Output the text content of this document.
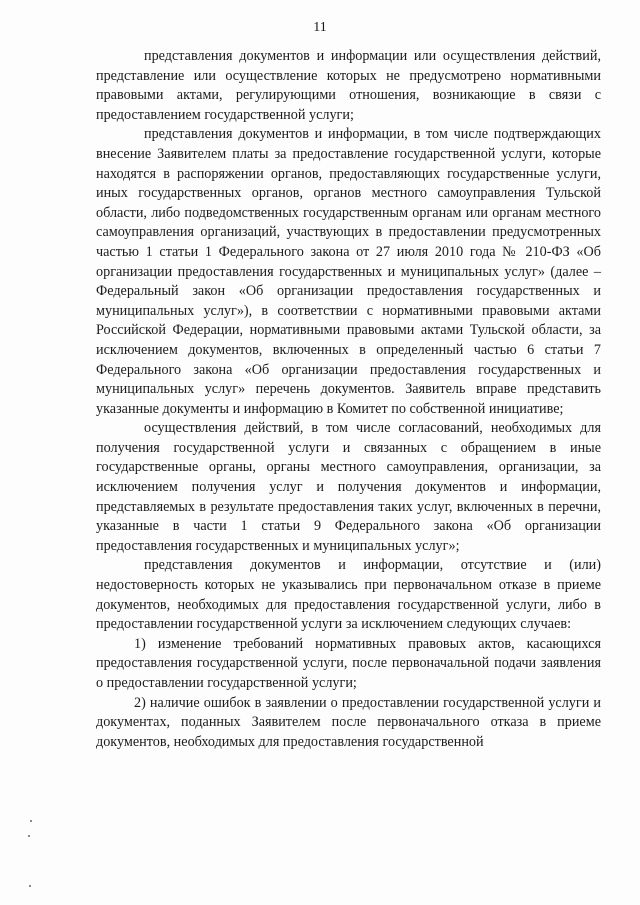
11

представления документов и информации или осуществления действий, представление или осуществление которых не предусмотрено нормативными правовыми актами, регулирующими отношения, возникающие в связи с предоставлением государственной услуги;

представления документов и информации, в том числе подтверждающих внесение Заявителем платы за предоставление государственной услуги, которые находятся в распоряжении органов, предоставляющих государственные услуги, иных государственных органов, органов местного самоуправления Тульской области, либо подведомственных государственным органам или органам местного самоуправления организаций, участвующих в предоставлении предусмотренных частью 1 статьи 1 Федерального закона от 27 июля 2010 года № 210-ФЗ «Об организации предоставления государственных и муниципальных услуг» (далее – Федеральный закон «Об организации предоставления государственных и муниципальных услуг»), в соответствии с нормативными правовыми актами Российской Федерации, нормативными правовыми актами Тульской области, за исключением документов, включенных в определенный частью 6 статьи 7 Федерального закона «Об организации предоставления государственных и муниципальных услуг» перечень документов. Заявитель вправе представить указанные документы и информацию в Комитет по собственной инициативе;

осуществления действий, в том числе согласований, необходимых для получения государственной услуги и связанных с обращением в иные государственные органы, органы местного самоуправления, организации, за исключением получения услуг и получения документов и информации, представляемых в результате предоставления таких услуг, включенных в перечни, указанные в части 1 статьи 9 Федерального закона «Об организации предоставления государственных и муниципальных услуг»;

представления документов и информации, отсутствие и (или) недостоверность которых не указывались при первоначальном отказе в приеме документов, необходимых для предоставления государственной услуги, либо в предоставлении государственной услуги за исключением следующих случаев:

1) изменение требований нормативных правовых актов, касающихся предоставления государственной услуги, после первоначальной подачи заявления о предоставлении государственной услуги;

2) наличие ошибок в заявлении о предоставлении государственной услуги и документах, поданных Заявителем после первоначального отказа в приеме документов, необходимых для предоставления государственной
